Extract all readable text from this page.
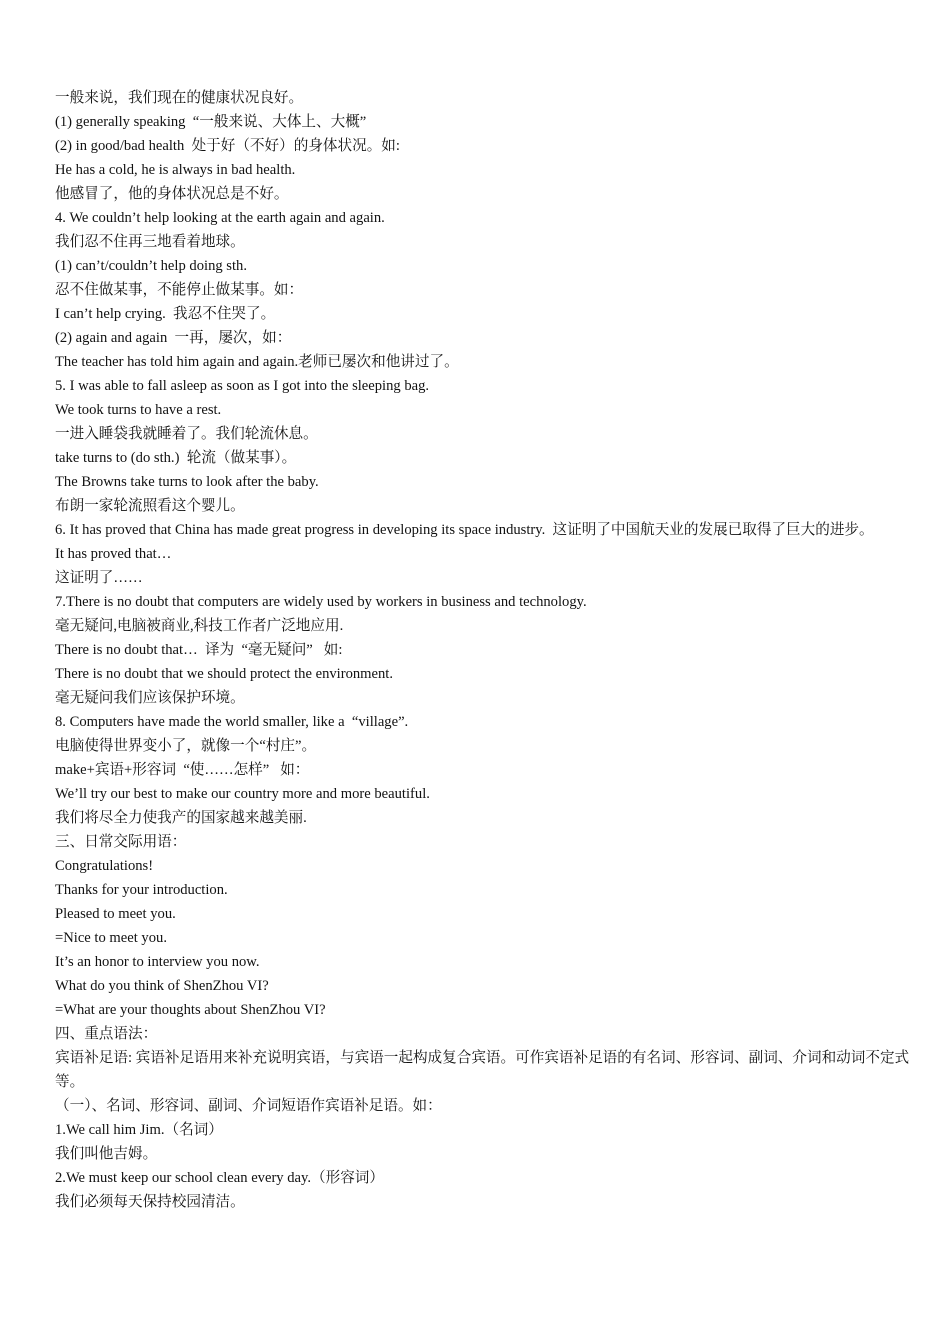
一般来说，我们现在的健康状况良好。
(1) generally speaking  “一般来说、大体上、大概”
(2) in good/bad health  处于好（不好）的身体状况。如:
He has a cold, he is always in bad health.
他感冒了，他的身体状况总是不好。
4. We couldn’t help looking at the earth again and again.
我们忍不住再三地看着地球。
(1) can’t/couldn’t help doing sth.
忍不住做某事，不能停止做某事。如：
I can’t help crying.  我忍不住哭了。
(2) again and again  一再，屡次，如：
The teacher has told him again and again.老师已屡次和他讲过了。
5. I was able to fall asleep as soon as I got into the sleeping bag.
We took turns to have a rest.
一进入睡袋我就睡着了。我们轮流休息。
take turns to (do sth.)  轮流（做某事）。
The Browns take turns to look after the baby.
布朗一家轮流照看这个婴儿。
6. It has proved that China has made great progress in developing its space industry.  这证明了中国航天业的发展已取得了巨大的进步。
It has proved that…
这证明了……
7.There is no doubt that computers are widely used by workers in business and technology.
毫无疑问,电脑被商业,科技工作者广泛地应用.
There is no doubt that…  译为  “毫无疑问”   如:
There is no doubt that we should protect the environment.
毫无疑问我们应该保护环境。
8. Computers have made the world smaller, like a  “village”.
电脑使得世界变小了，就像一个“村庄”。
make+宾语+形容词  “使……怎样”   如：
We’ll try our best to make our country more and more beautiful.
我们将尽全力使我产的国家越来越美丽.
三、日常交际用语：
Congratulations!
Thanks for your introduction.
Pleased to meet you.
=Nice to meet you.
It’s an honor to interview you now.
What do you think of ShenZhou VI?
=What are your thoughts about ShenZhou VI?
四、重点语法：
宾语补足语: 宾语补足语用来补充说明宾语，与宾语一起构成复合宾语。可作宾语补足语的有名词、形容词、副词、介词和动词不定式等。
（一）、名词、形容词、副词、介词短语作宾语补足语。如：
1.We call him Jim.（名词）
我们叫他吉姆。
2.We must keep our school clean every day.（形容词）
我们必须每天保持校园清洁。
